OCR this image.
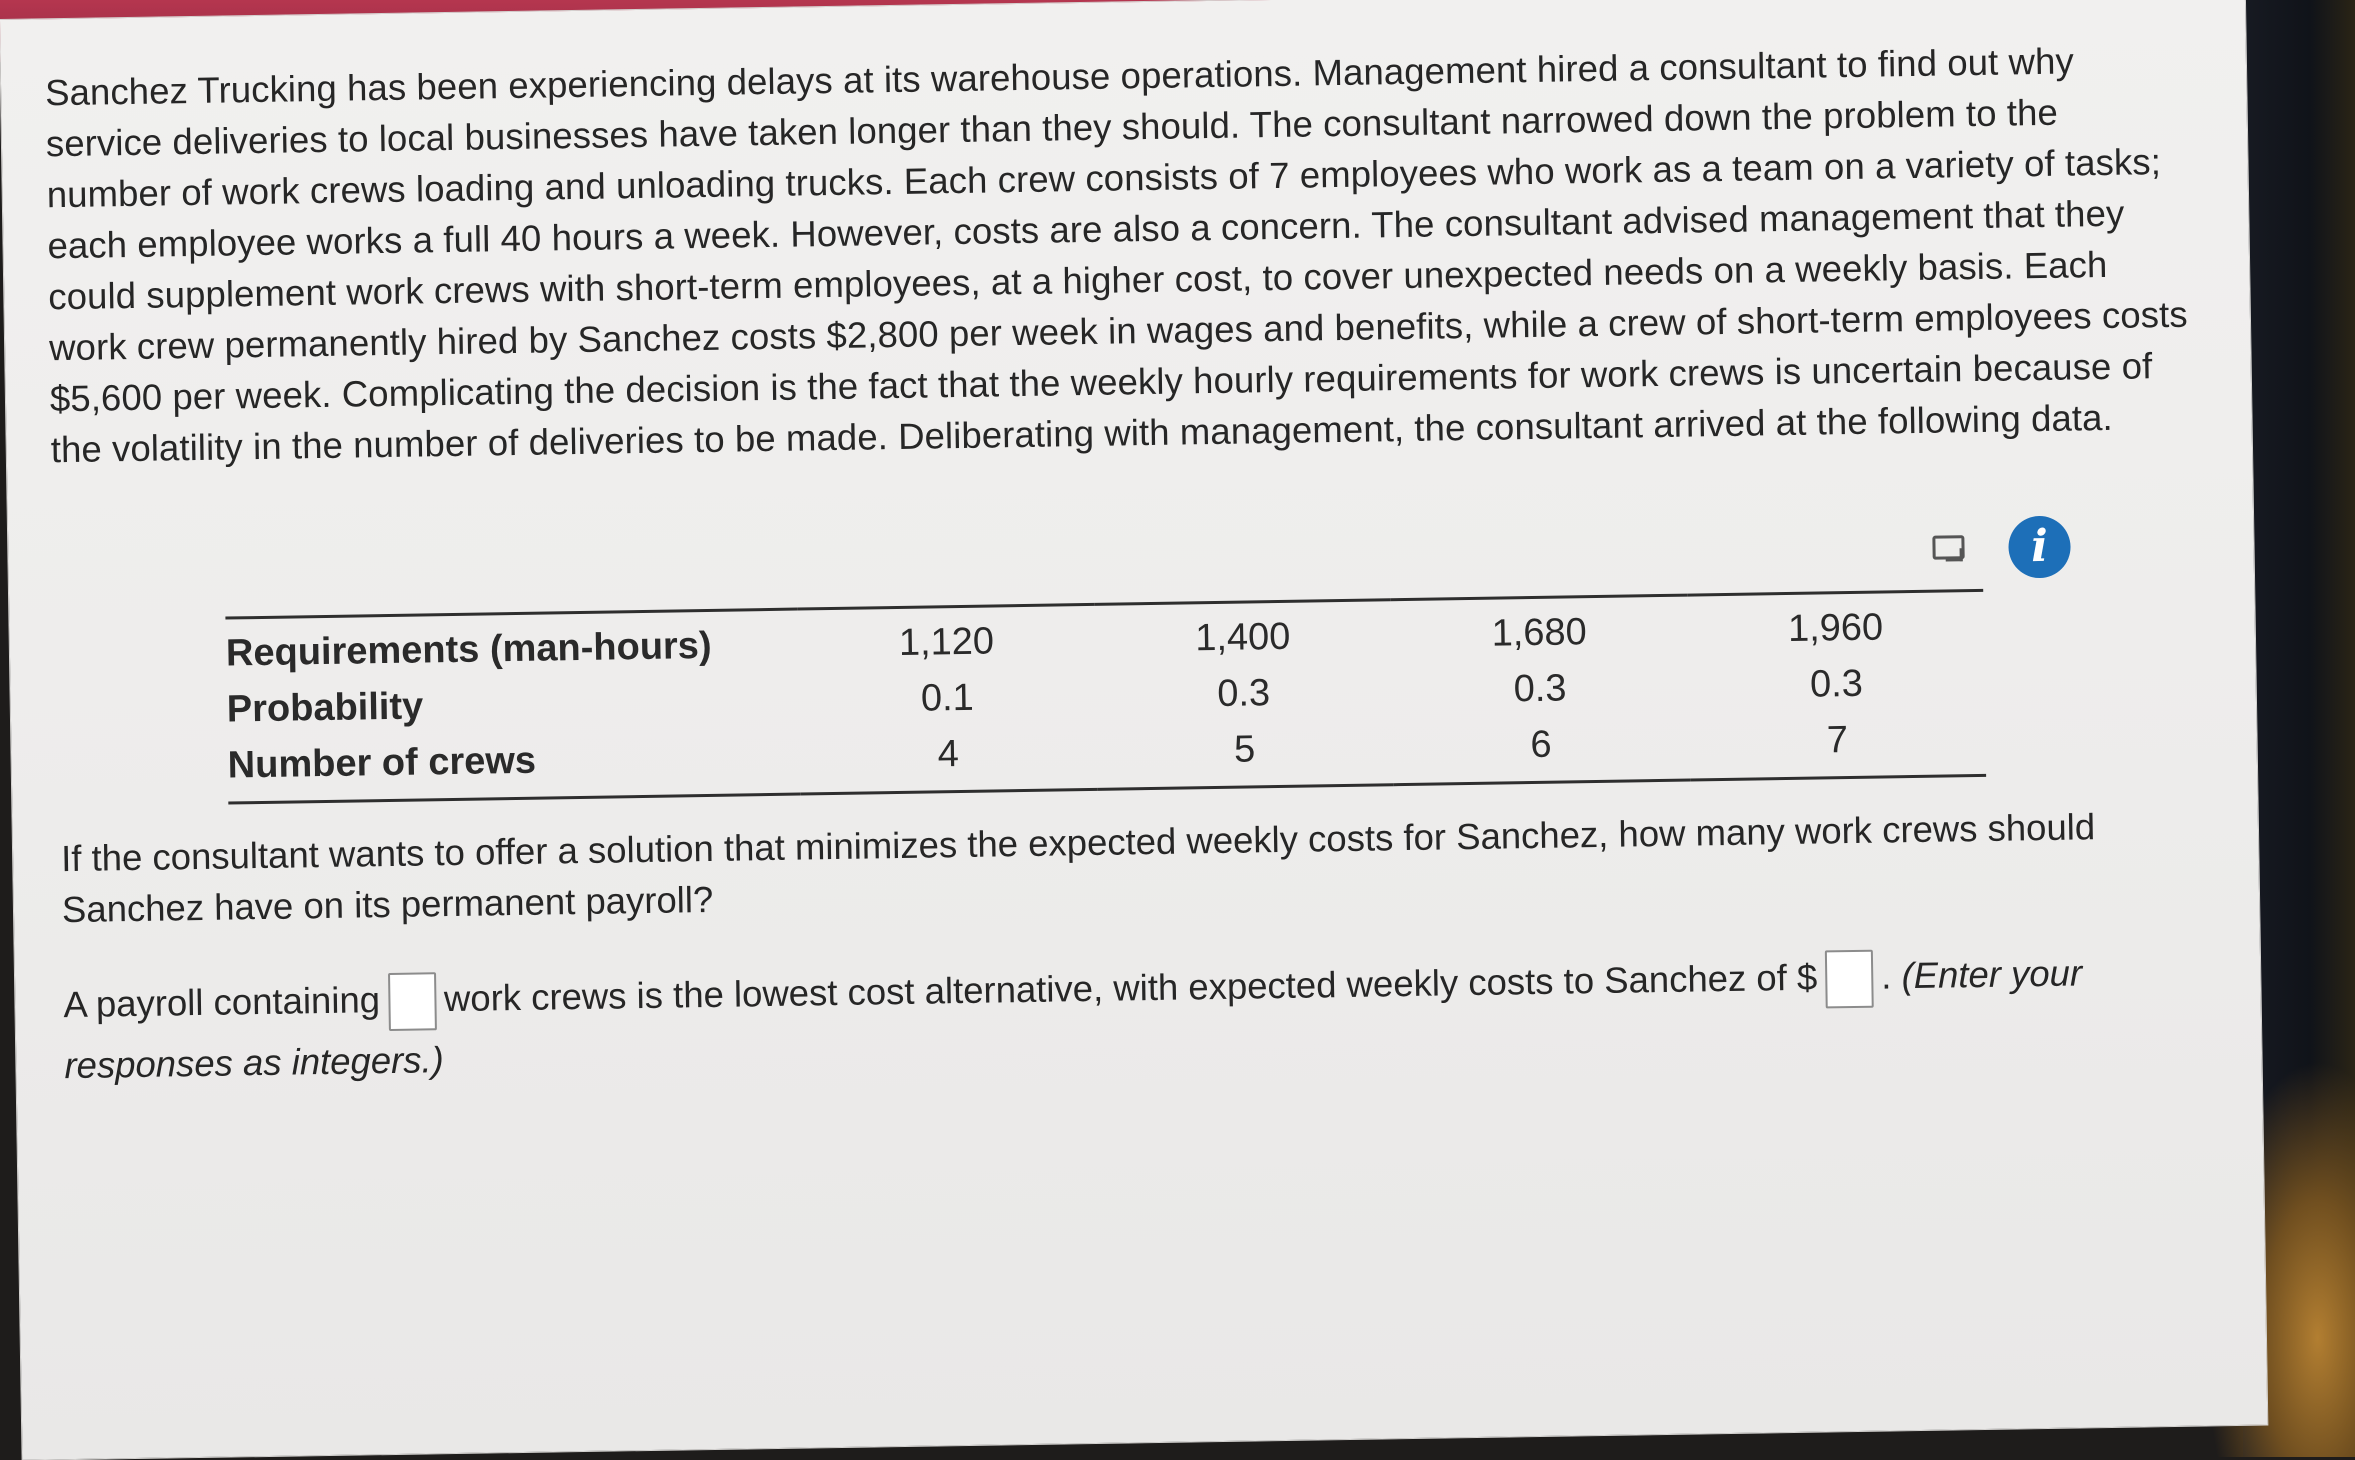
Sanchez Trucking has been experiencing delays at its warehouse operations. Management hired a consultant to find out why service deliveries to local businesses have taken longer than they should. The consultant narrowed down the problem to the number of work crews loading and unloading trucks. Each crew consists of 7 employees who work as a team on a variety of tasks; each employee works a full 40 hours a week. However, costs are also a concern. The consultant advised management that they could supplement work crews with short-term employees, at a higher cost, to cover unexpected needs on a weekly basis. Each work crew permanently hired by Sanchez costs $2,800 per week in wages and benefits, while a crew of short-term employees costs $5,600 per week. Complicating the decision is the fact that the weekly hourly requirements for work crews is uncertain because of the volatility in the number of deliveries to be made. Deliberating with management, the consultant arrived at the following data.

i
Requirements (man-hours)	1,120	1,400	1,680	1,960
Probability	0.1	0.3	0.3	0.3
Number of crews	4	5	6	7

If the consultant wants to offer a solution that minimizes the expected weekly costs for Sanchez, how many work crews should Sanchez have on its permanent payroll?

A payroll containing work crews is the lowest cost alternative, with expected weekly costs to Sanchez of $ . (Enter your responses as integers.)
